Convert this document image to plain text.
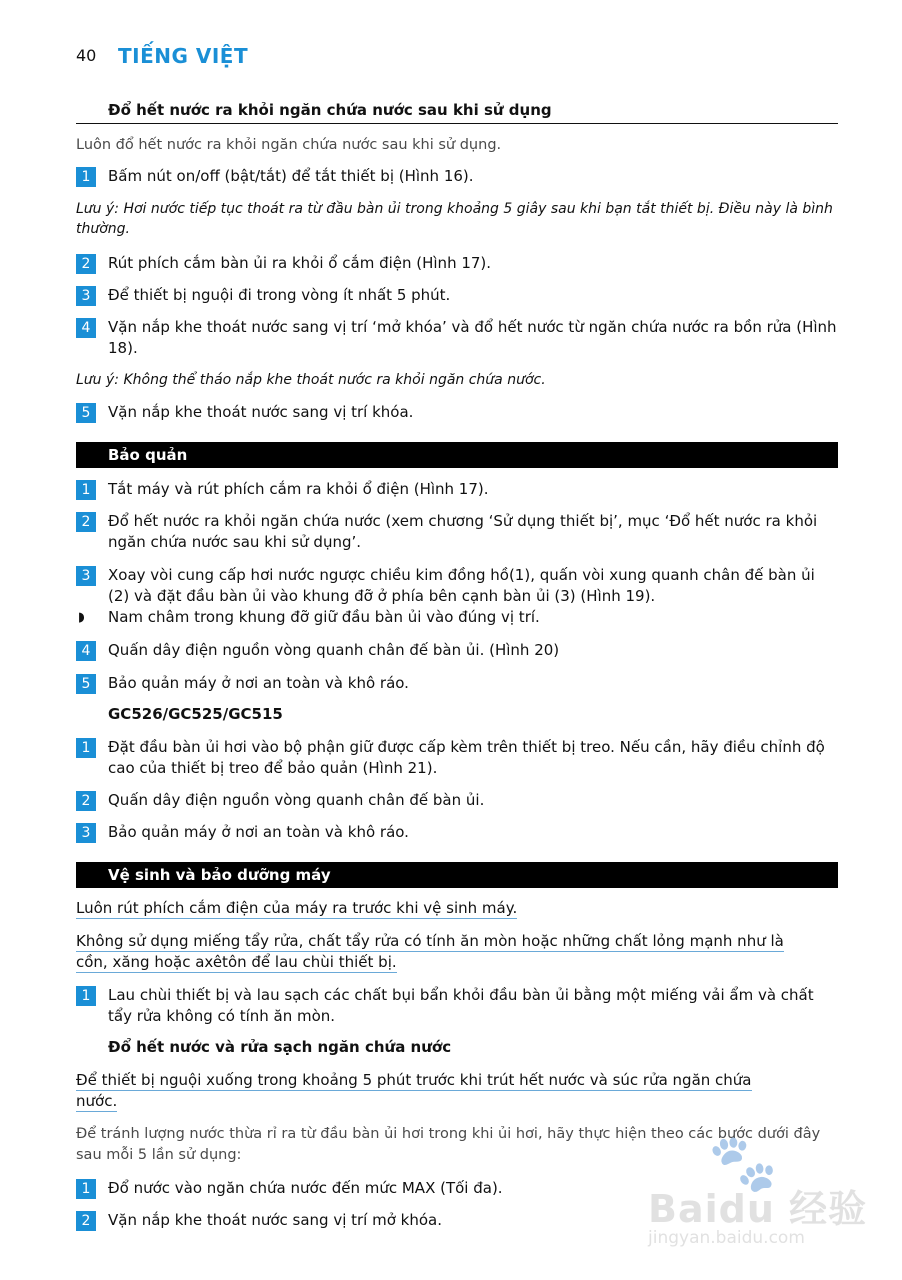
40 TIẾNG VIỆT
Đổ hết nước ra khỏi ngăn chứa nước sau khi sử dụng
Luôn đổ hết nước ra khỏi ngăn chứa nước sau khi sử dụng.
1	Bấm nút on/off (bật/tắt) để tắt thiết bị (Hình 16).
Lưu ý: Hơi nước tiếp tục thoát ra từ đầu bàn ủi trong khoảng 5 giây sau khi bạn tắt thiết bị. Điều này là bình thường.
2	Rút phích cắm bàn ủi ra khỏi ổ cắm điện (Hình 17).
3	Để thiết bị nguội đi trong vòng ít nhất 5 phút.
4	Vặn nắp khe thoát nước sang vị trí ‘mở khóa’ và đổ hết nước từ ngăn chứa nước ra bồn rửa (Hình 18).
Lưu ý: Không thể tháo nắp khe thoát nước ra khỏi ngăn chứa nước.
5	Vặn nắp khe thoát nước sang vị trí khóa.
Bảo quản
1	Tắt máy và rút phích cắm ra khỏi ổ điện (Hình 17).
2	Đổ hết nước ra khỏi ngăn chứa nước (xem chương ‘Sử dụng thiết bị’, mục ‘Đổ hết nước ra khỏi ngăn chứa nước sau khi sử dụng’.
3	Xoay vòi cung cấp hơi nước ngược chiều kim đồng hồ(1), quấn vòi xung quanh chân đế bàn ủi (2) và đặt đầu bàn ủi vào khung đỡ ở phía bên cạnh bàn ủi (3) (Hình 19).
◗ Nam châm trong khung đỡ giữ đầu bàn ủi vào đúng vị trí.
4	Quấn dây điện nguồn vòng quanh chân đế bàn ủi. (Hình 20)
5	Bảo quản máy ở nơi an toàn và khô ráo.
GC526/GC525/GC515
1	Đặt đầu bàn ủi hơi vào bộ phận giữ được cấp kèm trên thiết bị treo. Nếu cần, hãy điều chỉnh độ cao của thiết bị treo để bảo quản (Hình 21).
2	Quấn dây điện nguồn vòng quanh chân đế bàn ủi.
3	Bảo quản máy ở nơi an toàn và khô ráo.
Vệ sinh và bảo dưỡng máy
Luôn rút phích cắm điện của máy ra trước khi vệ sinh máy.
Không sử dụng miếng tẩy rửa, chất tẩy rửa có tính ăn mòn hoặc những chất lỏng mạnh như là
cồn, xăng hoặc axêtôn để lau chùi thiết bị.
1	Lau chùi thiết bị và lau sạch các chất bụi bẩn khỏi đầu bàn ủi bằng một miếng vải ẩm và chất tẩy rửa không có tính ăn mòn.
Đổ hết nước và rửa sạch ngăn chứa nước
Để thiết bị nguội xuống trong khoảng 5 phút trước khi trút hết nước và súc rửa ngăn chứa
nước.
Để tránh lượng nước thừa rỉ ra từ đầu bàn ủi hơi trong khi ủi hơi, hãy thực hiện theo các bước dưới đây sau mỗi 5 lần sử dụng:
1	Đổ nước vào ngăn chứa nước đến mức MAX (Tối đa).
2	Vặn nắp khe thoát nước sang vị trí mở khóa.
🐾
Baidu 经验
jingyan.baidu.com
